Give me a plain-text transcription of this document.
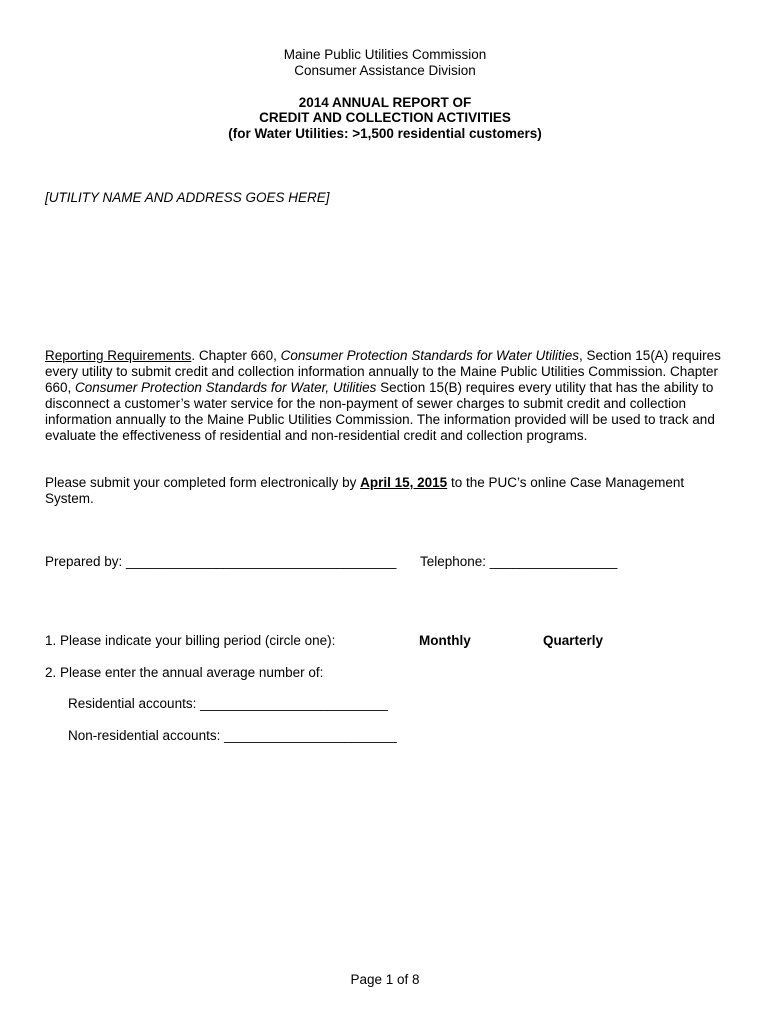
Maine Public Utilities Commission
Consumer Assistance Division
2014 ANNUAL REPORT OF
CREDIT AND COLLECTION ACTIVITIES
(for Water Utilities: >1,500 residential customers)
[UTILITY NAME AND ADDRESS GOES HERE]
Reporting Requirements. Chapter 660, Consumer Protection Standards for Water Utilities, Section 15(A) requires every utility to submit credit and collection information annually to the Maine Public Utilities Commission. Chapter 660, Consumer Protection Standards for Water, Utilities Section 15(B) requires every utility that has the ability to disconnect a customer’s water service for the non-payment of sewer charges to submit credit and collection information annually to the Maine Public Utilities Commission. The information provided will be used to track and evaluate the effectiveness of residential and non-residential credit and collection programs.
Please submit your completed form electronically by April 15, 2015 to the PUC’s online Case Management System.
Prepared by: ____________________________________ Telephone: _________________
1. Please indicate your billing period (circle one):	Monthly	Quarterly
2. Please enter the annual average number of:
Residential accounts: _________________________
Non-residential accounts: _______________________
Page 1 of 8
